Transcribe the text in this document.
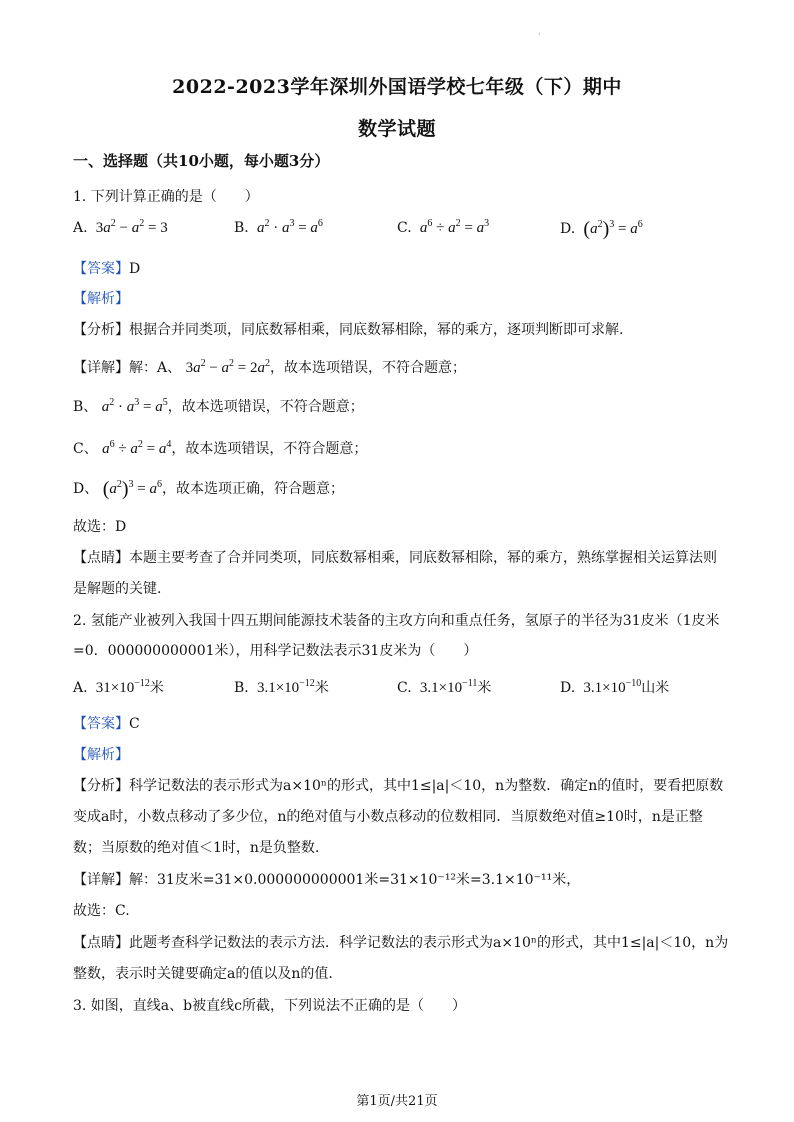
·
2022-2023学年深圳外国语学校七年级（下）期中
数学试题
一、选择题（共10小题，每小题3分）
1. 下列计算正确的是（　　）
A. $3a^2 - a^2 = 3$	B.  $a^2 \cdot a^3 = a^6$	C.  $a^6 \div a^2 = a^3$	D. $(a^2)^3 = a^6$
【答案】D
【解析】
【分析】根据合并同类项，同底数幂相乘，同底数幂相除，幂的乘方，逐项判断即可求解.
【详解】解：A、 $3a^2 - a^2 = 2a^2$，故本选项错误，不符合题意；
B、 $a^2 \cdot a^3 = a^5$，故本选项错误，不符合题意；
C、 $a^6 \div a^2 = a^4$，故本选项错误，不符合题意；
D、 $(a^2)^3 = a^6$，故本选项正确，符合题意；
故选：D
【点睛】本题主要考查了合并同类项，同底数幂相乘，同底数幂相除，幂的乘方，熟练掌握相关运算法则
是解题的关键.
2. 氢能产业被列入我国十四五期间能源技术装备的主攻方向和重点任务，氢原子的半径为31皮米（1皮米
=0．000000000001米），用科学记数法表示31皮米为（　　）
A.  $31\times 10^{-12}$米	B.  $3.1\times 10^{-12}$米	C.  $3.1\times 10^{-11}$米	D.  $3.1\times 10^{-10}$山米
【答案】C
【解析】
【分析】科学记数法的表示形式为a×10ⁿ的形式，其中1≤|a|＜10，n为整数．确定n的值时，要看把原数
变成a时，小数点移动了多少位，n的绝对值与小数点移动的位数相同．当原数绝对值≥10时，n是正整
数；当原数的绝对值＜1时，n是负整数.
【详解】解：31皮米=31×0.000000000001米=31×10⁻¹²米=3.1×10⁻¹¹米，
故选：C.
【点睛】此题考查科学记数法的表示方法．科学记数法的表示形式为a×10ⁿ的形式，其中1≤|a|＜10，n为
整数，表示时关键要确定a的值以及n的值.
3. 如图，直线a、b被直线c所截，下列说法不正确的是（　　）
第1页/共21页
